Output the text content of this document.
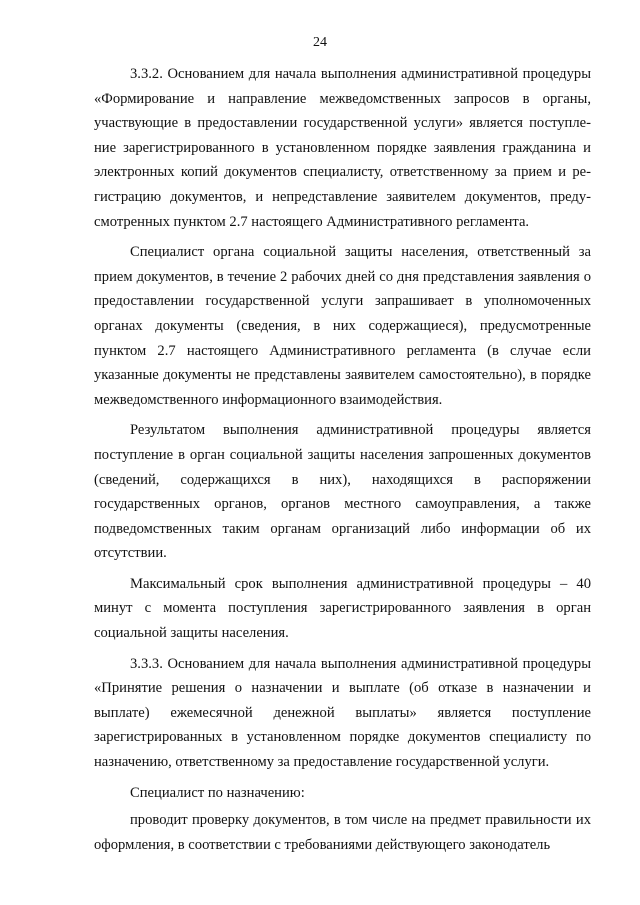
24

3.3.2. Основанием для начала выполнения административной процедуры «Формирование и направление межведомственных запросов в органы, участвующие в предоставлении государственной услуги» является поступление зарегистрированного в установленном порядке заявления гражданина и электронных копий документов специалисту, ответственному за прием и регистрацию документов, и непредставление заявителем документов, предусмотренных пунктом 2.7 настоящего Административного регламента.

Специалист органа социальной защиты населения, ответственный за прием документов, в течение 2 рабочих дней со дня представления заявления о предоставлении государственной услуги запрашивает в уполномоченных органах документы (сведения, в них содержащиеся), предусмотренные пунктом 2.7 настоящего Административного регламента (в случае если указанные документы не представлены заявителем самостоятельно), в порядке межведомственного информационного взаимодействия.

Результатом выполнения административной процедуры является поступление в орган социальной защиты населения запрошенных документов (сведений, содержащихся в них), находящихся в распоряжении государственных органов, органов местного самоуправления, а также подведомственных таким органам организаций либо информации об их отсутствии.

Максимальный срок выполнения административной процедуры – 40 минут с момента поступления зарегистрированного заявления в орган социальной защиты населения.

3.3.3. Основанием для начала выполнения административной процедуры «Принятие решения о назначении и выплате (об отказе в назначении и выплате) ежемесячной денежной выплаты» является поступление зарегистрированных в установленном порядке документов специалисту по назначению, ответственному за предоставление государственной услуги.

Специалист по назначению:

проводит проверку документов, в том числе на предмет правильности их оформления, в соответствии с требованиями действующего законодатель
